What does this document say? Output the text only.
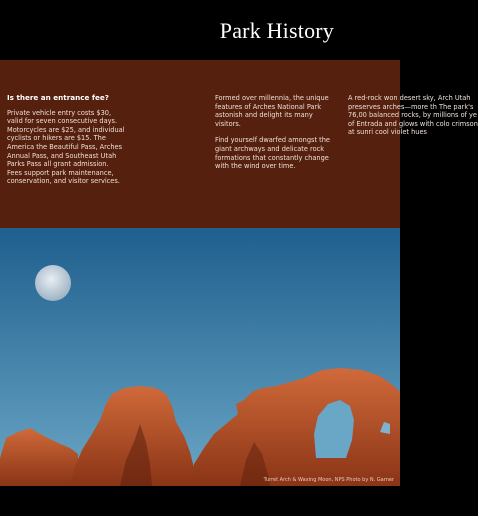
Park History
Is there an entrance fee?
Private vehicle entry costs $30, valid for seven consecutive days. Motorcycles are $25, and individual cyclists or hikers are $15. The America the Beautiful Pass, Arches Annual Pass, and Southeast Utah Parks Pass all grant admission. Fees support park maintenance, conservation, and visitor services.
Formed over millennia, the unique features of Arches National Park astonish and delight its many visitors.
Find yourself dwarfed amongst the giant archways and delicate rock formations that constantly change with the wind over time.
A red-rock won desert sky, Arch Utah preserves arches—more th The park's 76,00 balanced rocks, by millions of ye of Entrada and glows with colo crimson at sunri cool violet hues
Turret Arch & Waxing Moon, NPS Photo by N. Garner
